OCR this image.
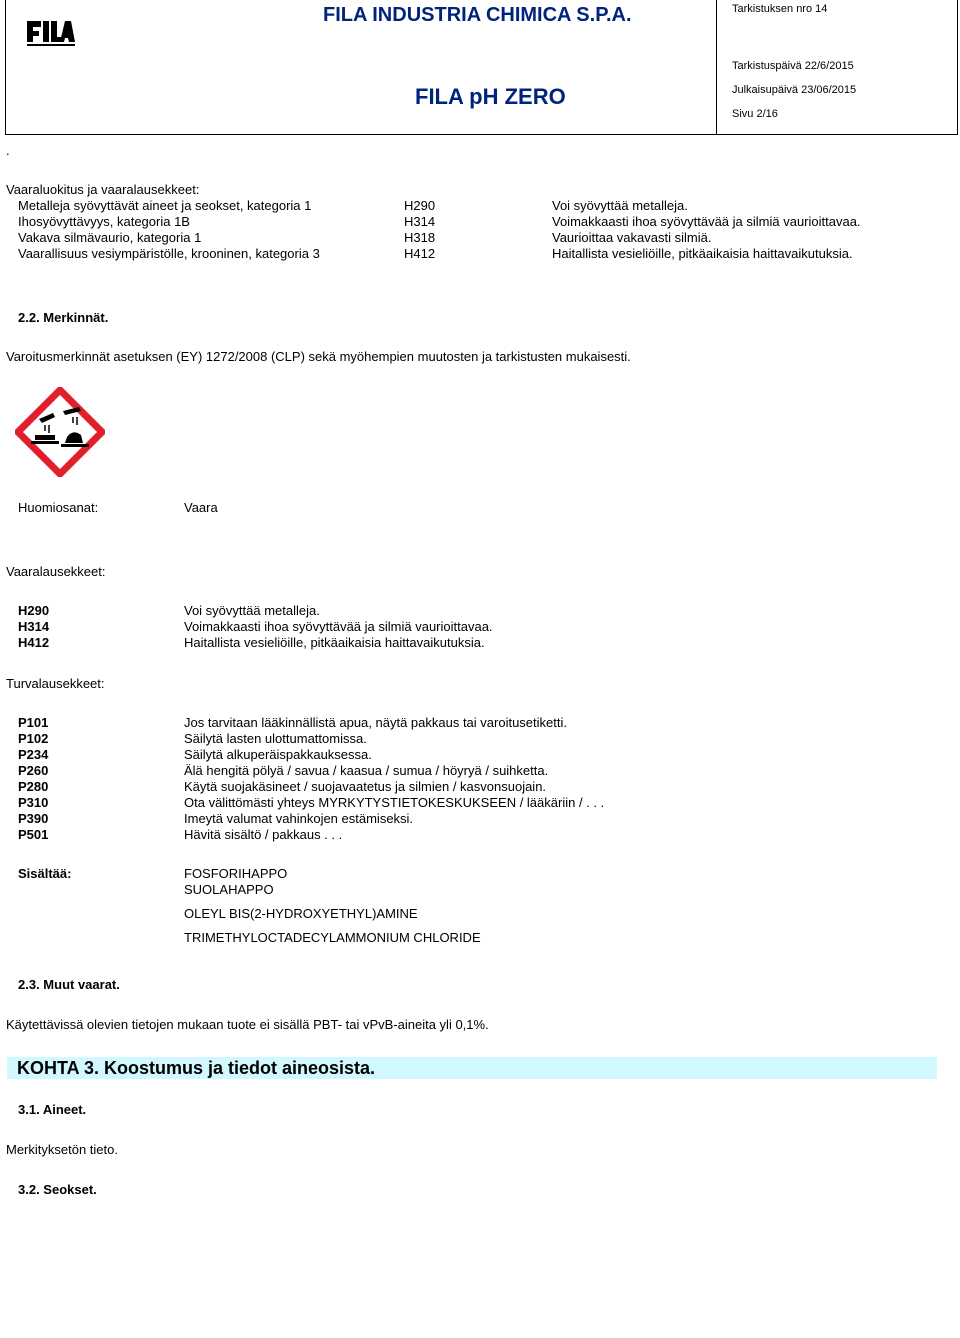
FILA INDUSTRIA CHIMICA S.P.A.
FILA pH ZERO
Tarkistuksen nro 14
Tarkistuspäivä 22/6/2015
Julkaisupäivä 23/06/2015
Sivu 2/16
.
Vaaraluokitus ja vaaralausekkeet:
Metalleja syövyttävät aineet ja seokset, kategoria 1	H290	Voi syövyttää metalleja.
Ihosyövyttävyys, kategoria 1B	H314	Voimakkaasti ihoa syövyttävää ja silmiä vaurioittavaa.
Vakava silmävaurio, kategoria 1	H318	Vaurioittaa vakavasti silmiä.
Vaarallisuus vesiympäristölle, krooninen, kategoria 3	H412	Haitallista vesieliöille, pitkäaikaisia haittavaikutuksia.
2.2. Merkinnät.
Varoitusmerkinnät asetuksen (EY) 1272/2008 (CLP) sekä myöhempien muutosten ja tarkistusten mukaisesti.
Huomiosanat:	Vaara
Vaaralausekkeet:
H290	Voi syövyttää metalleja.
H314	Voimakkaasti ihoa syövyttävää ja silmiä vaurioittavaa.
H412	Haitallista vesieliöille, pitkäaikaisia haittavaikutuksia.
Turvalausekkeet:
P101	Jos tarvitaan lääkinnällistä apua, näytä pakkaus tai varoitusetiketti.
P102	Säilytä lasten ulottumattomissa.
P234	Säilytä alkuperäispakkauksessa.
P260	Älä hengitä pölyä / savua / kaasua / sumua / höyryä / suihketta.
P280	Käytä suojakäsineet / suojavaatetus ja silmien / kasvonsuojain.
P310	Ota välittömästi yhteys MYRKYTYSTIETOKESKUKSEEN / lääkäriin / . . .
P390	Imeytä valumat vahinkojen estämiseksi.
P501	Hävitä sisältö / pakkaus . . .
Sisältää:	FOSFORIHAPPO
SUOLAHAPPO
OLEYL BIS(2-HYDROXYETHYL)AMINE
TRIMETHYLOCTADECYLAMMONIUM CHLORIDE
2.3. Muut vaarat.
Käytettävissä olevien tietojen mukaan tuote ei sisällä PBT- tai vPvB-aineita yli 0,1%.
KOHTA 3. Koostumus ja tiedot aineosista.
3.1. Aineet.
Merkityksetön tieto.
3.2. Seokset.
